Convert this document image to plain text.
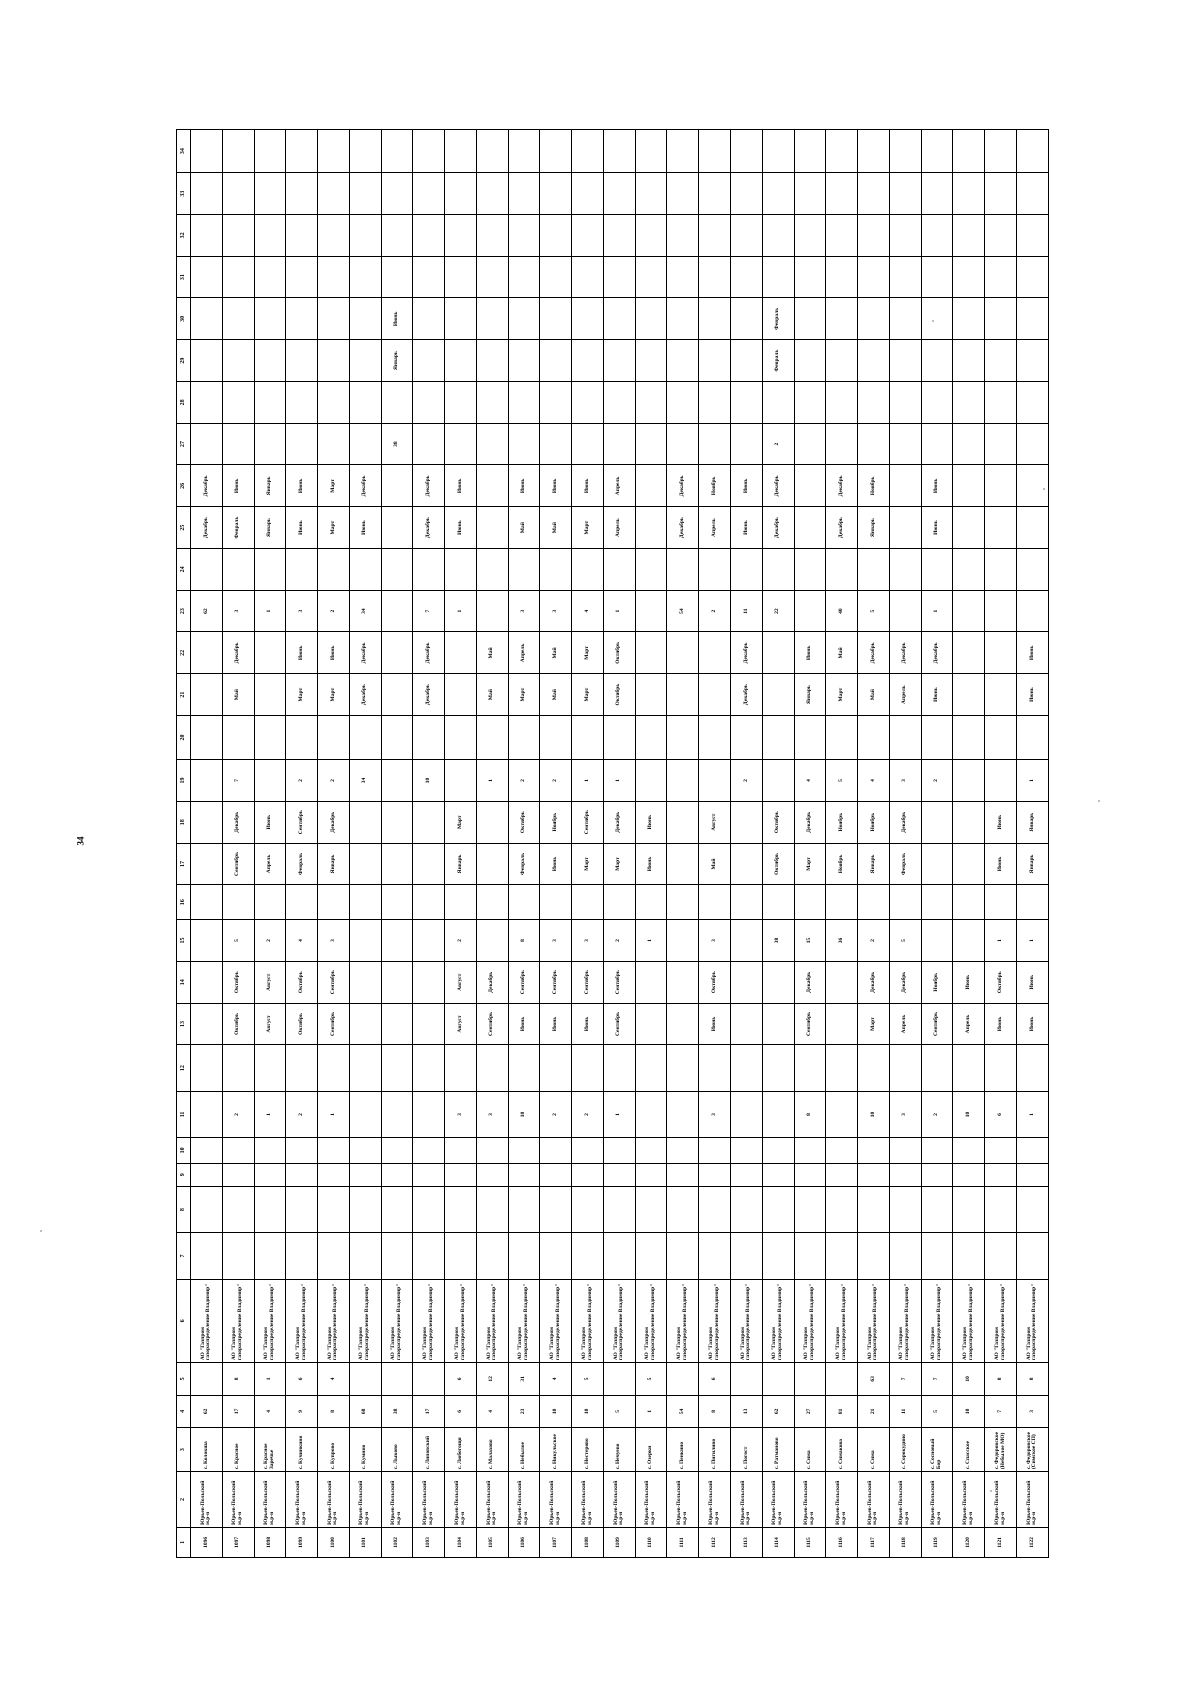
34
1	2	3	4	5	6	7	8	9	10	11	12	13	14	15	16	17	18	19	20	21	22	23	24	25	26	27	28	29	30	31	32	33	34
1096	Юрьев-Польский м.р-н	с. Колокша	62		АО "Газпром газораспределение Владимир"																	62		Декабрь	Декабрь								
1097	Юрьев-Польский м.р-н	с. Красное	17	8	АО "Газпром газораспределение Владимир"					2		Октябрь	Октябрь	5		Сентябрь	Декабрь	7		Май	Декабрь	3		Февраль	Июнь								
1098	Юрьев-Польский м.р-н	с. Красное Заречье	4	1	АО "Газпром газораспределение Владимир"					1		Август	Август	2		Апрель	Июнь					1		Январь	Январь								
1099	Юрьев-Польский м.р-н	с. Кучинкино	9	6	АО "Газпром газораспределение Владимир"					2		Октябрь	Октябрь	4		Февраль	Сентябрь	2		Март	Июнь	3		Июнь	Июнь								
1100	Юрьев-Польский м.р-н	с. Купрово	8	4	АО "Газпром газораспределение Владимир"					1		Сентябрь	Сентябрь	3		Январь	Декабрь	2		Март	Июнь	2		Март	Март								
1101	Юрьев-Польский м.р-н	с. Кумино	68		АО "Газпром газораспределение Владимир"													34		Декабрь	Декабрь	34		Июнь	Декабрь								
1102	Юрьев-Польский м.р-н	с. Лыково	38		АО "Газпром газораспределение Владимир"																					38		Январь	Июнь				
1103	Юрьев-Польский м.р-н	с. Липовский	17		АО "Газпром газораспределение Владимир"													10		Декабрь	Декабрь	7		Декабрь	Декабрь								
1104	Юрьев-Польский м.р-н	с. Любогощи	6	6	АО "Газпром газораспределение Владимир"					3		Август	Август	2		Январь	Март					1		Июнь	Июнь								
1105	Юрьев-Польский м.р-н	с. Малахово	4	12	АО "Газпром газораспределение Владимир"					3		Сентябрь	Декабрь					1		Май	Май												
1106	Юрьев-Польский м.р-н	с. Небылое	23	31	АО "Газпром газораспределение Владимир"					10		Июнь	Сентябрь	8		Февраль	Октябрь	2		Март	Апрель	3		Май	Июнь								
1107	Юрьев-Польский м.р-н	с. Никульское	10	4	АО "Газпром газораспределение Владимир"					2		Июнь	Сентябрь	3		Июнь	Ноябрь	2		Май	Май	3		Май	Июнь								
1108	Юрьев-Польский м.р-н	с. Нестерово	10	5	АО "Газпром газораспределение Владимир"					2		Июнь	Сентябрь	3		Март	Сентябрь	1		Март	Март	4		Март	Июнь								
1109	Юрьев-Польский м.р-н	с. Нечуево	5		АО "Газпром газораспределение Владимир"					1		Сентябрь	Сентябрь	2		Март	Декабрь	1		Октябрь	Октябрь	1		Апрель	Апрель								
1110	Юрьев-Польский м.р-н	с. Озерки	1	5	АО "Газпром газораспределение Владимир"									1		Июнь	Июнь																
1111	Юрьев-Польский м.р-н	с. Пенкино	54		АО "Газпром газораспределение Владимир"																	54		Декабрь	Декабрь								
1112	Юрьев-Польский м.р-н	с. Пигилино	8	6	АО "Газпром газораспределение Владимир"					3		Июнь	Октябрь	3		Май	Август					2		Апрель	Ноябрь								
1113	Юрьев-Польский м.р-н	с. Погост	13		АО "Газпром газораспределение Владимир"													2		Декабрь	Декабрь	11		Июнь	Июнь								
1114	Юрьев-Польский м.р-н	с. Ратманово	62		АО "Газпром газораспределение Владимир"									38		Октябрь	Октябрь					22		Декабрь	Декабрь	2		Февраль	Февраль				
1115	Юрьев-Польский м.р-н	с. Сима	27		АО "Газпром газораспределение Владимир"					8		Сентябрь	Декабрь	15		Март	Декабрь	4		Январь	Июнь												
1116	Юрьев-Польский м.р-н	с. Симакова	81		АО "Газпром газораспределение Владимир"									36		Ноябрь	Ноябрь	5		Март	Май	40		Декабрь	Декабрь								
1117	Юрьев-Польский м.р-н	с. Сима	21	63	АО "Газпром газораспределение Владимир"					10		Март	Декабрь	2		Январь	Ноябрь	4		Май	Декабрь	5		Январь	Ноябрь								
1118	Юрьев-Польский м.р-н	с. Сорокудино	11	7	АО "Газпром газораспределение Владимир"					3		Апрель	Декабрь	5		Февраль	Декабрь	3		Апрель	Декабрь												
1119	Юрьев-Польский м.р-н	с. Сосновый Бор	5	7	АО "Газпром газораспределение Владимир"					2		Сентябрь	Ноябрь					2		Июнь	Декабрь	1		Июнь	Июнь								
1120	Юрьев-Польский м.р-н	с. Спасское	10	10	АО "Газпром газораспределение Владимир"					10		Апрель	Июнь																				
1121	Юрьев-Польский м.р-н	с. Федоровское (Небылое МО)	7	8	АО "Газпром газораспределение Владимир"					6		Июнь	Октябрь	1		Июнь	Июнь																
1122	Юрьев-Польский м.р-н	с. Федоровское (Симское СП)	3	8	АО "Газпром газораспределение Владимир"					1		Июнь	Июнь	1		Январь	Январь	1		Июнь	Июнь												
